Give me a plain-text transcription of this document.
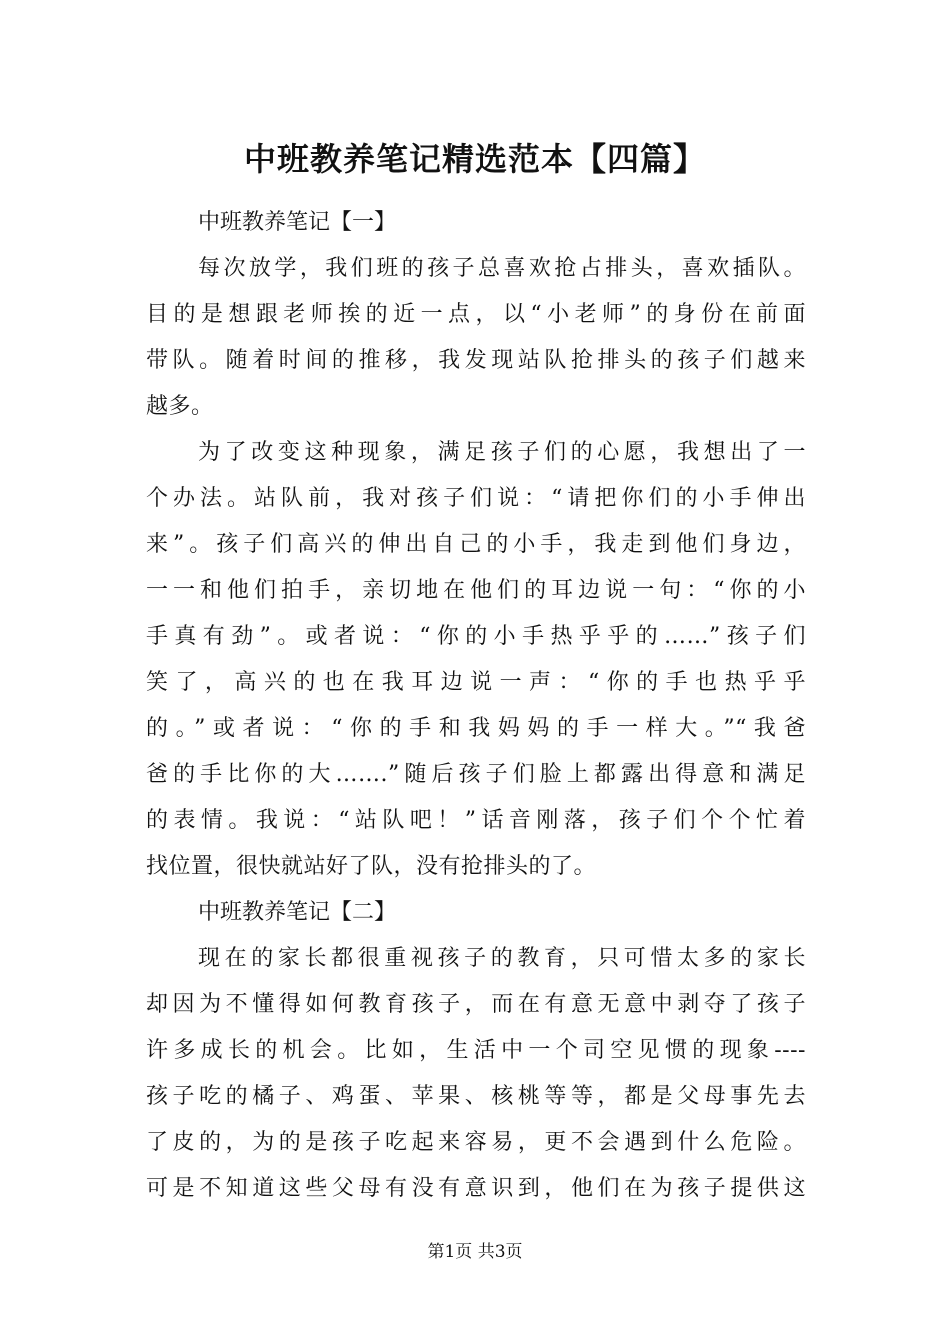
中班教养笔记精选范本【四篇】

中班教养笔记【一】

每次放学，我们班的孩子总喜欢抢占排头，喜欢插队。
目的是想跟老师挨的近一点，以“小老师”的身份在前面
带队。随着时间的推移，我发现站队抢排头的孩子们越来
越多。

为了改变这种现象，满足孩子们的心愿，我想出了一
个办法。站队前，我对孩子们说：“请把你们的小手伸出
来”。孩子们高兴的伸出自己的小手，我走到他们身边，
一一和他们拍手，亲切地在他们的耳边说一句：“你的小
手真有劲”。或者说：“你的小手热乎乎的……”孩子们
笑了，高兴的也在我耳边说一声：“你的手也热乎乎
的。”或者说：“你的手和我妈妈的手一样大。”“我爸
爸的手比你的大…….”随后孩子们脸上都露出得意和满足
的表情。我说：“站队吧！”话音刚落，孩子们个个忙着
找位置，很快就站好了队，没有抢排头的了。

中班教养笔记【二】

现在的家长都很重视孩子的教育，只可惜太多的家长
却因为不懂得如何教育孩子，而在有意无意中剥夺了孩子
许多成长的机会。比如，生活中一个司空见惯的现象----
孩子吃的橘子、鸡蛋、苹果、核桃等等，都是父母事先去
了皮的，为的是孩子吃起来容易，更不会遇到什么危险。
可是不知道这些父母有没有意识到，他们在为孩子提供这

第1页 共3页
